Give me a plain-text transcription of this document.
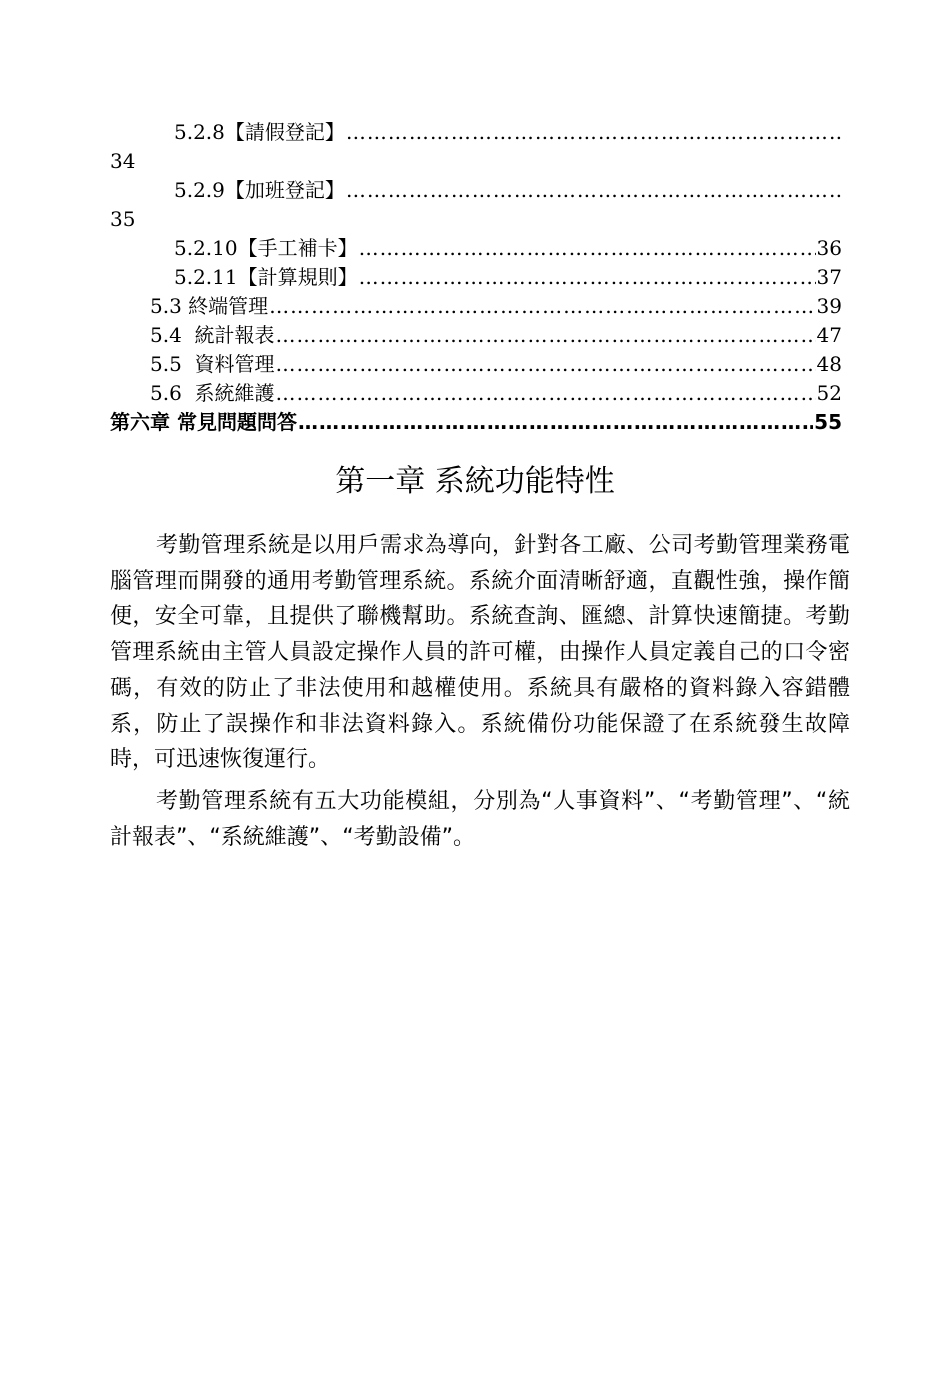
5.2.8【請假登記】
…………………………………………………………………………………………………………………………………………………………………………
34
5.2.9【加班登記】
…………………………………………………………………………………………………………………………………………………………………………
35
5.2.10【手工補卡】 …………………………………………………………………………………………………………………………………………………………………………	36
5.2.11【計算規則】 …………………………………………………………………………………………………………………………………………………………………………	37
5.3 終端管理 …………………………………………………………………………………………………………………………………………………………………………	39
5.4  統計報表 …………………………………………………………………………………………………………………………………………………………………………	47
5.5  資料管理 …………………………………………………………………………………………………………………………………………………………………………	48
5.6  系統維護 …………………………………………………………………………………………………………………………………………………………………………	52
第六章 常見問題問答 …………………………………………………………………………………………………………………………………………………………………………	55
第一章 系統功能特性

考勤管理系統是以用戶需求為導向，針對各工廠、公司考勤管理業務電腦管理而開發的通用考勤管理系統。系統介面清晰舒適，直觀性強，操作簡便，安全可靠，且提供了聯機幫助。系統查詢、匯總、計算快速簡捷。考勤管理系統由主管人員設定操作人員的許可權，由操作人員定義自己的口令密碼，有效的防止了非法使用和越權使用。系統具有嚴格的資料錄入容錯體系，防止了誤操作和非法資料錄入。系統備份功能保證了在系統發生故障時，可迅速恢復運行。

考勤管理系統有五大功能模組，分別為“人事資料”、“考勤管理”、“統計報表”、“系統維護”、“考勤設備”。
